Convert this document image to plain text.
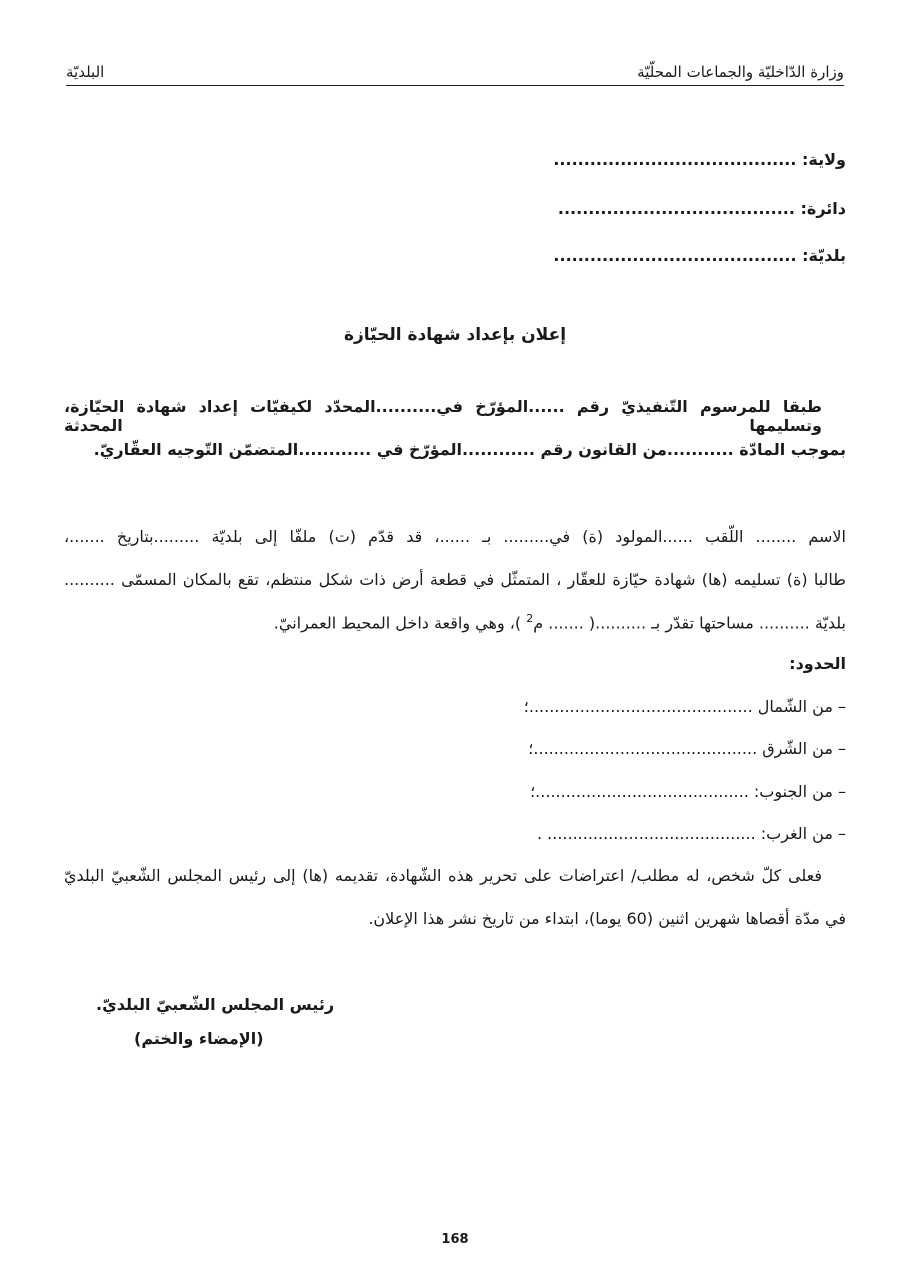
وزارة الدّاخليّة والجماعات المحلّيّة
البلديّة
ولاية: ........................................
دائرة: .......................................
بلديّة: ........................................
إعلان بإعداد شهادة الحيّازة
طبقا للمرسوم التّنفيذيّ رقم ......المؤرّخ في..........المحدّد لكيفيّات إعداد شهادة الحيّازة، وتسليمها المحدثة
بموجب المادّة ...........من القانون رقم ............المؤرّخ في ............المتضمّن التّوجيه العقّاريّ.
الاسم ........ اللّقب ......المولود (ة) في......... بـ ......، قد قدّم (ت) ملفّا إلى بلديّة .........بتاريخ .......،
طالبا (ة) تسليمه (ها) شهادة حيّازة للعقّار ، المتمثّل في قطعة أرض ذات شكل منتظم، تقع بالمكان المسمّى ..........
بلديّة .......... مساحتها تقدّر بـ ..........( ....... م$^2$ )، وهي واقعة داخل المحيط العمرانيّ.
الحدود:
– من الشّمال ............................................؛
– من الشّرق ............................................؛
– من الجنوب: ..........................................؛
– من الغرب: ......................................... .
فعلى كلّ شخص، له مطلب/ اعتراضات على تحرير هذه الشّهادة، تقديمه (ها) إلى رئيس المجلس الشّعبيّ البلديّ
في مدّة أقصاها شهرين اثنين (60 يوما)، ابتداء من تاريخ نشر هذا الإعلان.
رئيس المجلس الشّعبيّ البلديّ.
(الإمضاء والختم)
168
